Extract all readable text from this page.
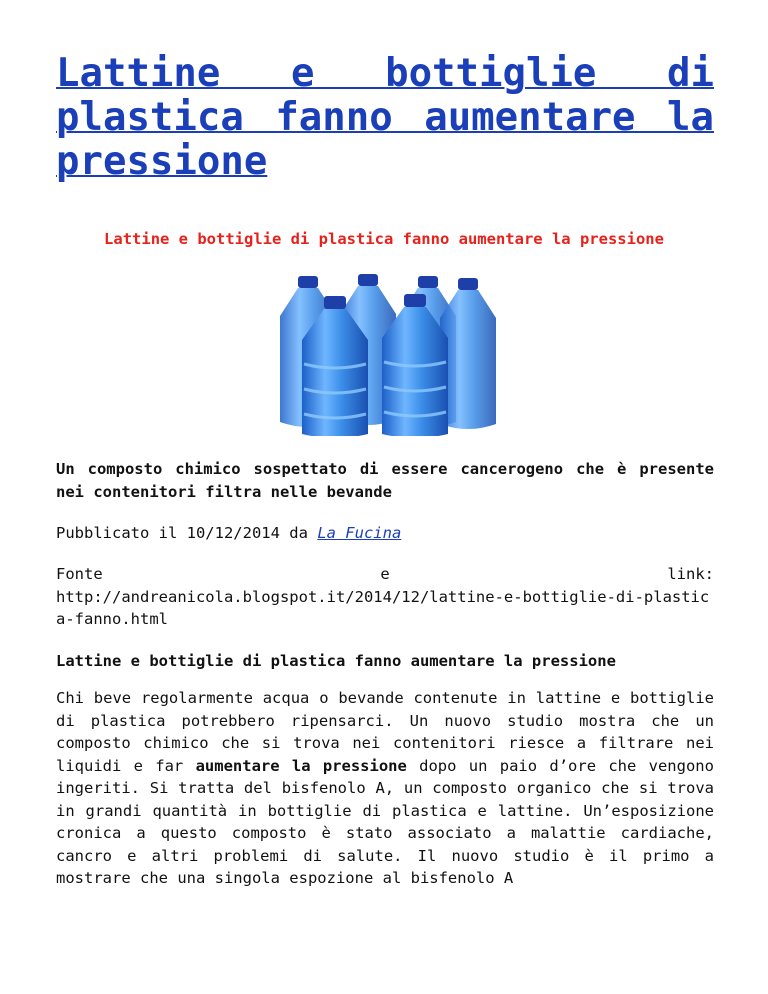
Lattine e bottiglie di plastica fanno aumentare la pressione
Lattine e bottiglie di plastica fanno aumentare la pressione

Un composto chimico sospettato di essere cancerogeno che è presente nei contenitori filtra nelle bevande

Pubblicato il 10/12/2014 da La Fucina

Fonte	e	link:
http://andreanicola.blogspot.it/2014/12/lattine-e-bottiglie-di-plastica-fanno.html

Lattine e bottiglie di plastica fanno aumentare la pressione

Chi beve regolarmente acqua o bevande contenute in lattine e bottiglie di plastica potrebbero ripensarci. Un nuovo studio mostra che un composto chimico che si trova nei contenitori riesce a filtrare nei liquidi e far aumentare la pressione dopo un paio d’ore che vengono ingeriti. Si tratta del bisfenolo A, un composto organico che si trova in grandi quantità in bottiglie di plastica e lattine. Un’esposizione cronica a questo composto è stato associato a malattie cardiache, cancro e altri problemi di salute. Il nuovo studio è il primo a mostrare che una singola espozione al bisfenolo A
